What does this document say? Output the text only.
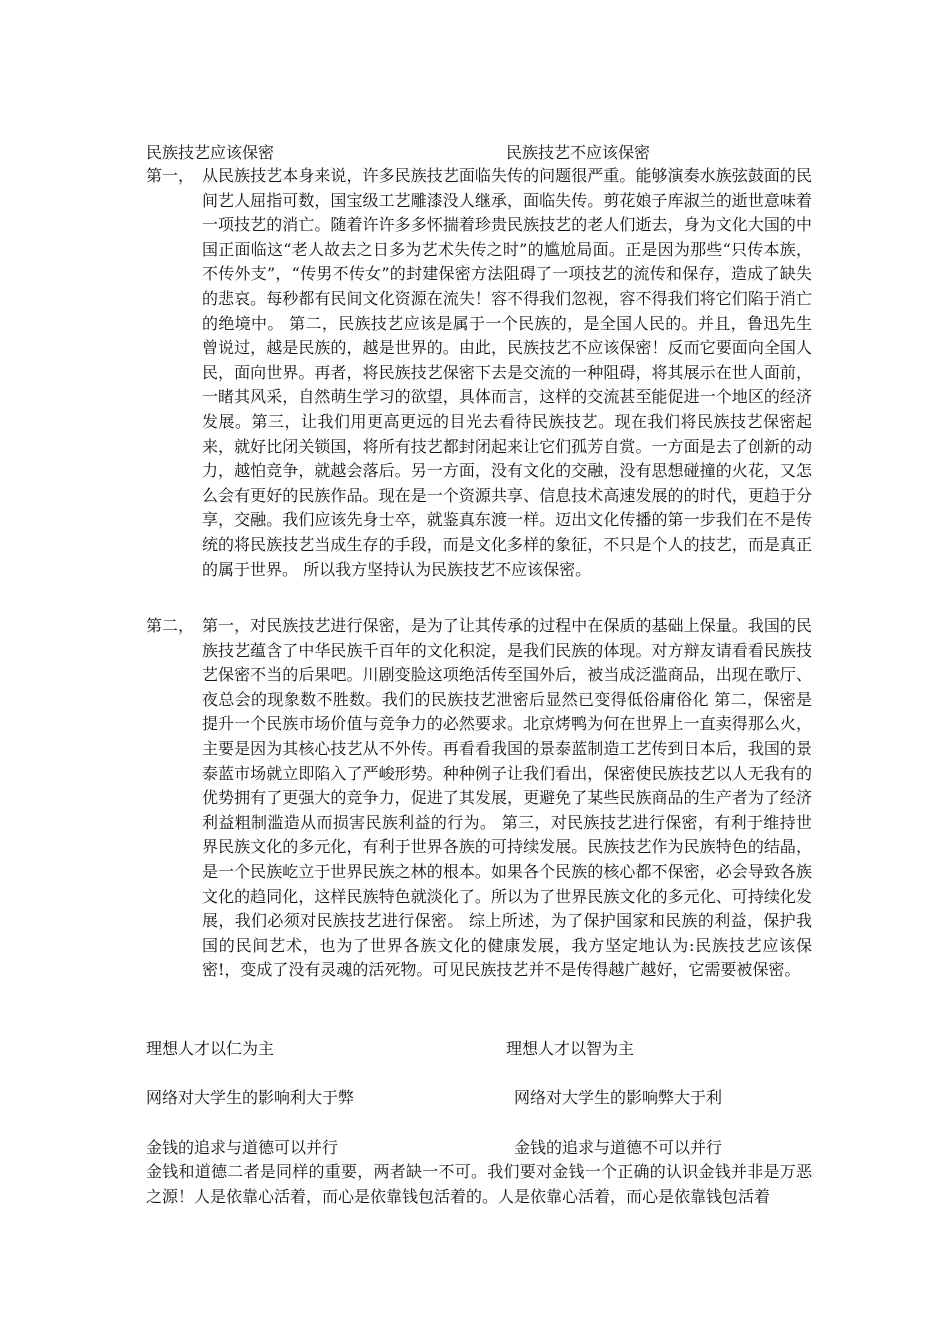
民族技艺应该保密	民族技艺不应该保密
第一， 从民族技艺本身来说，许多民族技艺面临失传的问题很严重。能够演奏水族弦鼓面的民间艺人屈指可数，国宝级工艺雕漆没人继承，面临失传。剪花娘子库淑兰的逝世意味着一项技艺的消亡。随着许许多多怀揣着珍贵民族技艺的老人们逝去，身为文化大国的中国正面临这“老人故去之日多为艺术失传之时”的尴尬局面。正是因为那些“只传本族，不传外支”，“传男不传女”的封建保密方法阻碍了一项技艺的流传和保存，造成了缺失的悲哀。每秒都有民间文化资源在流失！容不得我们忽视，容不得我们将它们陷于消亡的绝境中。 第二，民族技艺应该是属于一个民族的，是全国人民的。并且，鲁迅先生曾说过，越是民族的，越是世界的。由此，民族技艺不应该保密！反而它要面向全国人民，面向世界。再者，将民族技艺保密下去是交流的一种阻碍，将其展示在世人面前，一睹其风采，自然萌生学习的欲望，具体而言，这样的交流甚至能促进一个地区的经济发展。第三，让我们用更高更远的目光去看待民族技艺。现在我们将民族技艺保密起来，就好比闭关锁国，将所有技艺都封闭起来让它们孤芳自赏。一方面是去了创新的动力，越怕竞争，就越会落后。另一方面，没有文化的交融，没有思想碰撞的火花，又怎么会有更好的民族作品。现在是一个资源共享、信息技术高速发展的的时代，更趋于分享，交融。我们应该先身士卒，就鉴真东渡一样。迈出文化传播的第一步我们在不是传统的将民族技艺当成生存的手段，而是文化多样的象征，不只是个人的技艺，而是真正的属于世界。 所以我方坚持认为民族技艺不应该保密。
第二， 第一，对民族技艺进行保密，是为了让其传承的过程中在保质的基础上保量。我国的民族技艺蕴含了中华民族千百年的文化积淀，是我们民族的体现。对方辩友请看看民族技艺保密不当的后果吧。川剧变脸这项绝活传至国外后，被当成泛滥商品，出现在歌厅、夜总会的现象数不胜数。我们的民族技艺泄密后显然已变得低俗庸俗化 第二，保密是提升一个民族市场价值与竞争力的必然要求。北京烤鸭为何在世界上一直卖得那么火，主要是因为其核心技艺从不外传。再看看我国的景泰蓝制造工艺传到日本后，我国的景泰蓝市场就立即陷入了严峻形势。种种例子让我们看出，保密使民族技艺以人无我有的优势拥有了更强大的竞争力，促进了其发展，更避免了某些民族商品的生产者为了经济利益粗制滥造从而损害民族利益的行为。 第三，对民族技艺进行保密，有利于维持世界民族文化的多元化，有利于世界各族的可持续发展。民族技艺作为民族特色的结晶，是一个民族屹立于世界民族之林的根本。如果各个民族的核心都不保密，必会导致各族文化的趋同化，这样民族特色就淡化了。所以为了世界民族文化的多元化、可持续化发展，我们必须对民族技艺进行保密。 综上所述，为了保护国家和民族的利益，保护我国的民间艺术，也为了世界各族文化的健康发展，我方坚定地认为:民族技艺应该保密!，变成了没有灵魂的活死物。可见民族技艺并不是传得越广越好，它需要被保密。
理想人才以仁为主	理想人才以智为主
网络对大学生的影响利大于弊	网络对大学生的影响弊大于利
金钱的追求与道德可以并行	金钱的追求与道德不可以并行
金钱和道德二者是同样的重要，两者缺一不可。我们要对金钱一个正确的认识金钱并非是万恶之源！人是依靠心活着，而心是依靠钱包活着的。人是依靠心活着，而心是依靠钱包活着
